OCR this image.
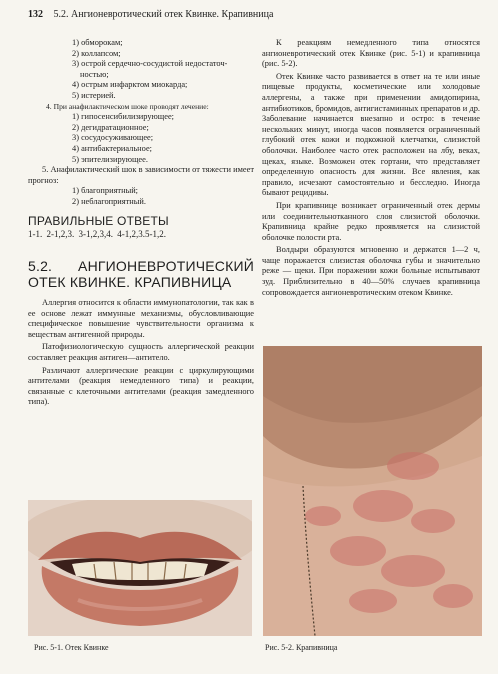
132 5.2. Ангионевротический отек Квинке. Крапивница
1) обморокам;
2) коллапсом;
3) острой сердечно-сосудистой недостаточ-
ностью;
4) острым инфарктом миокарда;
5) истерией.
4. При анафилактическом шоке проводят лечение:
1) гипосенсибилизирующее;
2) дегидратационное;
3) сосудосуживающее;
4) антибактериальное;
5) эпителизирующее.
5. Анафилактический шок в зависимости от тяжести имеет прогноз:
1) благоприятный;
2) неблагоприятный.
ПРАВИЛЬНЫЕ ОТВЕТЫ
1-1. 2-1,2,3. 3-1,2,3,4. 4-1,2,3.5-1,2.
5.2. АНГИОНЕВРОТИЧЕСКИЙ ОТЕК КВИНКЕ. КРАПИВНИЦА

Аллергия относится к области иммунопатологии, так как в ее основе лежат иммунные механизмы, обусловливающие специфическое повышение чувствительности организма к веществам антигенной природы.

Патофизиологическую сущность аллергической реакции составляет реакция антиген—антитело.

Различают аллергические реакции с циркулирующими антителами (реакция немедленного типа) и реакции, связанные с клеточными антителами (реакция замедленного типа).

К реакциям немедленного типа относятся ангионевротический отек Квинке (рис. 5-1) и крапивница (рис. 5-2).

Отек Квинке часто развивается в ответ на те или иные пищевые продукты, косметические или холодовые аллергены, а также при применении амидопирина, антибиотиков, бромидов, антигистаминных препаратов и др. Заболевание начинается внезапно и остро: в течение нескольких минут, иногда часов появляется ограниченный глубокий отек кожи и подкожной клетчатки, слизистой оболочки. Наиболее часто отек расположен на лбу, веках, щеках, языке. Возможен отек гортани, что представляет определенную опасность для жизни. Все явления, как правило, исчезают самостоятельно и бесследно. Иногда бывают рецидивы.

При крапивнице возникает ограниченный отек дермы или соединительнотканного слоя слизистой оболочки. Крапивница крайне редко проявляется на слизистой оболочке полости рта.

Волдыри образуются мгновенно и держатся 1—2 ч, чаще поражается слизистая оболочка губы и значительно реже — щеки. При поражении кожи больные испытывают зуд. Приблизительно в 40—50% случаев крапивница сопровождается ангионевротическим отеком Квинке.

Рис. 5-1. Отек Квинке	Рис. 5-2. Крапивница
